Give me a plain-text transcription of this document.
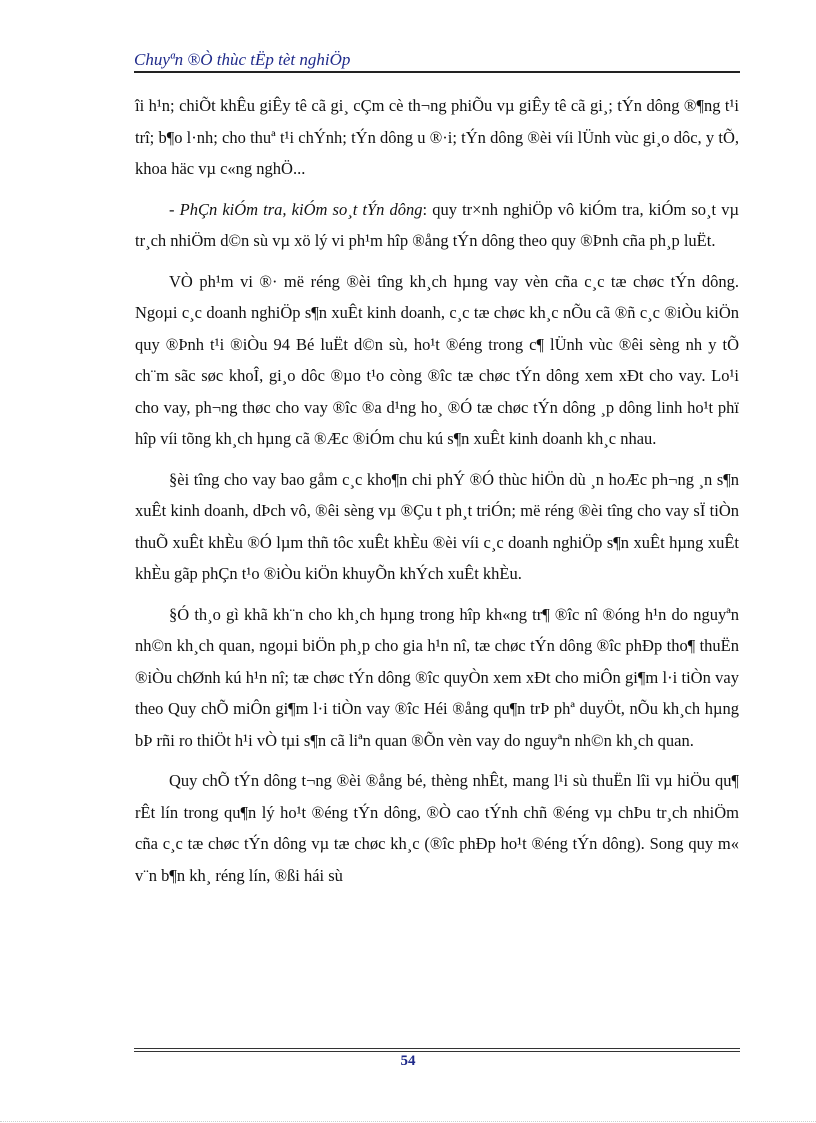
Chuyªn ®Ò thùc tËp tèt nghiÖp

îi h¹n; chiÕt khÊu giÊy tê cã gi¸ cÇm cè th¬ng phiÕu vµ giÊy tê cã gi¸; tÝn dông ®¶ng t¹i trî; b¶o l·nh; cho thuª t¹i chÝnh; tÝn dông u ®·i; tÝn dông ®èi víi lÜnh vùc gi¸o dôc, y tÕ, khoa häc vµ c«ng nghÖ...

- PhÇn kiÓm tra, kiÓm so¸t tÝn dông: quy tr×nh nghiÖp vô kiÓm tra, kiÓm so¸t vµ tr¸ch nhiÖm d©n sù vµ xö lý vi ph¹m hîp ®ång tÝn dông theo quy ®Þnh cña ph¸p luËt.

VÒ ph¹m vi ®· më réng ®èi tîng kh¸ch hµng vay vèn cña c¸c tæ chøc tÝn dông. Ngoµi c¸c doanh nghiÖp s¶n xuÊt kinh doanh, c¸c tæ chøc kh¸c nÕu cã ®ñ c¸c ®iÒu kiÖn quy ®Þnh t¹i ®iÒu 94 Bé luËt d©n sù, ho¹t ®éng trong c¶ lÜnh vùc ®êi sèng nh y tÕ ch¨m sãc søc khoÎ, gi¸o dôc ®µo t¹o còng ®îc tæ chøc tÝn dông xem xÐt cho vay. Lo¹i cho vay, ph¬ng thøc cho vay ®îc ®a d¹ng ho¸ ®Ó tæ chøc tÝn dông ¸p dông linh ho¹t phï hîp víi tõng kh¸ch hµng cã ®Æc ®iÓm chu kú s¶n xuÊt kinh doanh kh¸c nhau.

§èi tîng cho vay bao gåm c¸c kho¶n chi phÝ ®Ó thùc hiÖn dù ¸n hoÆc ph¬ng ¸n s¶n xuÊt kinh doanh, dÞch vô, ®êi sèng vµ ®Çu t ph¸t triÓn; më réng ®èi tîng cho vay sÏ tiÒn thuÕ xuÊt khÈu ®Ó lµm thñ tôc xuÊt khÈu ®èi víi c¸c doanh nghiÖp s¶n xuÊt hµng xuÊt khÈu gãp phÇn t¹o ®iÒu kiÖn khuyÕn khÝch xuÊt khÈu.

§Ó th¸o gì khã kh¨n cho kh¸ch hµng trong hîp kh«ng tr¶ ®îc nî ®óng h¹n do nguyªn nh©n kh¸ch quan, ngoµi biÖn ph¸p cho gia h¹n nî, tæ chøc tÝn dông ®îc phÐp tho¶ thuËn ®iÒu chØnh kú h¹n nî; tæ chøc tÝn dông ®îc quyÒn xem xÐt cho miÔn gi¶m l·i tiÒn vay theo Quy chÕ miÔn gi¶m l·i tiÒn vay ®îc Héi ®ång qu¶n trÞ phª duyÖt, nÕu kh¸ch hµng bÞ rñi ro thiÖt h¹i vÒ tµi s¶n cã liªn quan ®Õn vèn vay do nguyªn nh©n kh¸ch quan.

Quy chÕ tÝn dông t¬ng ®èi ®ång bé, thèng nhÊt, mang l¹i sù thuËn lîi vµ hiÖu qu¶ rÊt lín trong qu¶n lý ho¹t ®éng tÝn dông, ®Ò cao tÝnh chñ ®éng vµ chÞu tr¸ch nhiÖm cña c¸c tæ chøc tÝn dông vµ tæ chøc kh¸c (®îc phÐp ho¹t ®éng tÝn dông). Song quy m« v¨n b¶n kh¸ réng lín, ®ßi hái sù

54
